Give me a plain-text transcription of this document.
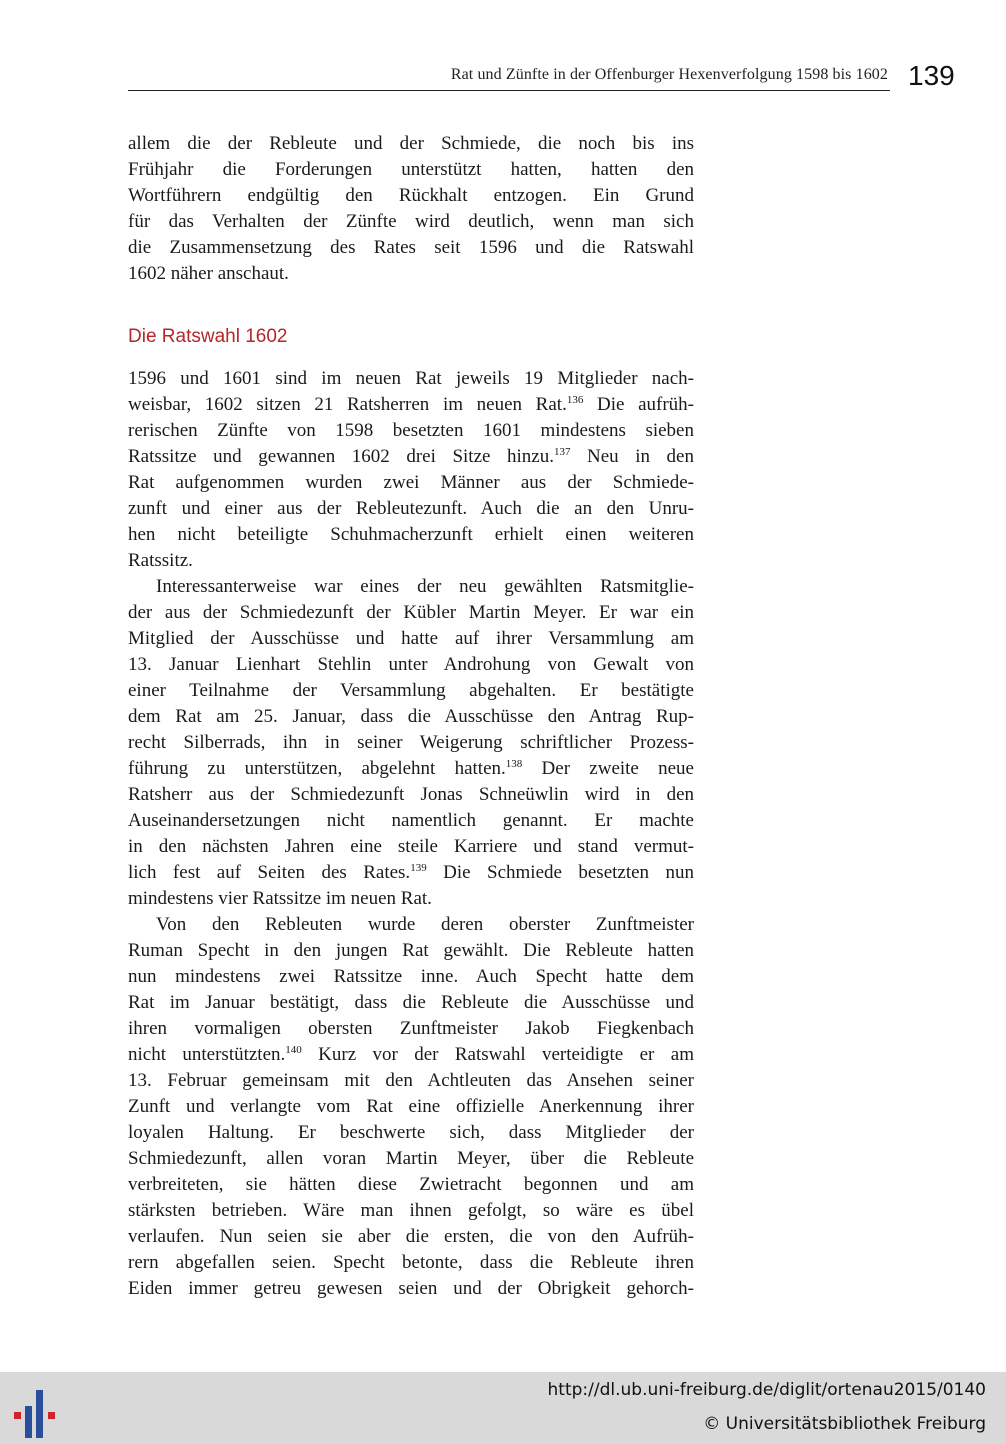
Rat und Zünfte in der Offenburger Hexenverfolgung 1598 bis 1602 139
allem die der Rebleute und der Schmiede, die noch bis ins
Frühjahr die Forderungen unterstützt hatten, hatten den
Wortführern endgültig den Rückhalt entzogen. Ein Grund
für das Verhalten der Zünfte wird deutlich, wenn man sich
die Zusammensetzung des Rates seit 1596 und die Ratswahl
1602 näher anschaut.
Die Ratswahl 1602
1596 und 1601 sind im neuen Rat jeweils 19 Mitglieder nach-
weisbar, 1602 sitzen 21 Ratsherren im neuen Rat.$^{136}$ Die aufrüh-
rerischen Zünfte von 1598 besetzten 1601 mindestens sieben
Ratssitze und gewannen 1602 drei Sitze hinzu.$^{137}$ Neu in den
Rat aufgenommen wurden zwei Männer aus der Schmiede-
zunft und einer aus der Rebleutezunft. Auch die an den Unru-
hen nicht beteiligte Schuhmacherzunft erhielt einen weiteren
Ratssitz.
Interessanterweise war eines der neu gewählten Ratsmitglie-
der aus der Schmiedezunft der Kübler Martin Meyer. Er war ein
Mitglied der Ausschüsse und hatte auf ihrer Versammlung am
13. Januar Lienhart Stehlin unter Androhung von Gewalt von
einer Teilnahme der Versammlung abgehalten. Er bestätigte
dem Rat am 25. Januar, dass die Ausschüsse den Antrag Rup-
recht Silberrads, ihn in seiner Weigerung schriftlicher Prozess-
führung zu unterstützen, abgelehnt hatten.$^{138}$ Der zweite neue
Ratsherr aus der Schmiedezunft Jonas Schneüwlin wird in den
Auseinandersetzungen nicht namentlich genannt. Er machte
in den nächsten Jahren eine steile Karriere und stand vermut-
lich fest auf Seiten des Rates.$^{139}$ Die Schmiede besetzten nun
mindestens vier Ratssitze im neuen Rat.
Von den Rebleuten wurde deren oberster Zunftmeister
Ruman Specht in den jungen Rat gewählt. Die Rebleute hatten
nun mindestens zwei Ratssitze inne. Auch Specht hatte dem
Rat im Januar bestätigt, dass die Rebleute die Ausschüsse und
ihren vormaligen obersten Zunftmeister Jakob Fiegkenbach
nicht unterstützten.$^{140}$ Kurz vor der Ratswahl verteidigte er am
13. Februar gemeinsam mit den Achtleuten das Ansehen seiner
Zunft und verlangte vom Rat eine offizielle Anerkennung ihrer
loyalen Haltung. Er beschwerte sich, dass Mitglieder der
Schmiedezunft, allen voran Martin Meyer, über die Rebleute
verbreiteten, sie hätten diese Zwietracht begonnen und am
stärksten betrieben. Wäre man ihnen gefolgt, so wäre es übel
verlaufen. Nun seien sie aber die ersten, die von den Aufrüh-
rern abgefallen seien. Specht betonte, dass die Rebleute ihren
Eiden immer getreu gewesen seien und der Obrigkeit gehorch-
http://dl.ub.uni-freiburg.de/diglit/ortenau2015/0140
© Universitätsbibliothek Freiburg
